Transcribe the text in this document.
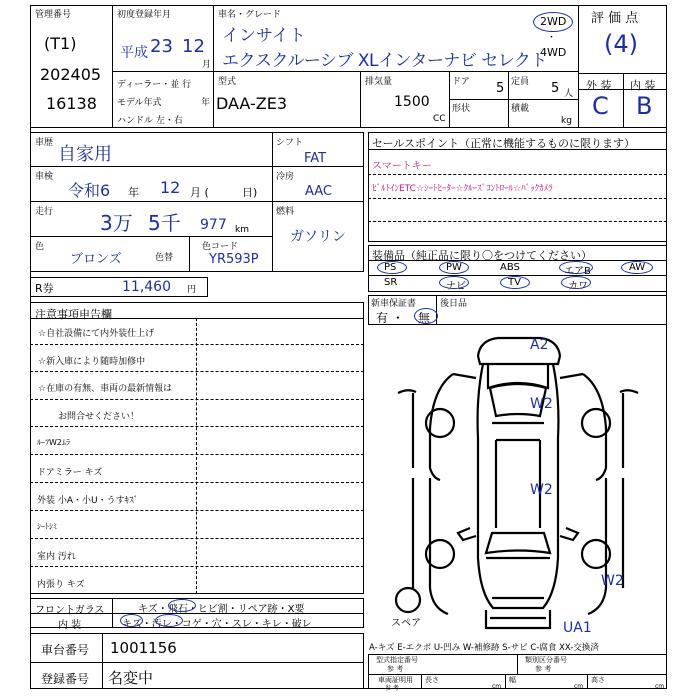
管理番号
(T1)
202405
16138
初度登録年月
平成 23 12
月
ディーラー・並 行
モデル年式	年
ハンドル 左・右
車名・グレード
インサイト
エクスクルーシブ XLインターナビ セレクト
2WD
・
4WD
型式
DAA-ZE3
排気量
1500
CC
ドア 5 定員 5 人
形状	積載
kg
評 価 点
(4)
外 装 内 装
C B
車歴
自家用
車検
令和6 年 12 月 (	日)
走行 3万 5千 977 km
色
ブロンズ	色替
色コード
YR593P
シフト
FAT
冷房
AAC
燃料
ガソリン
R券	11,460 円
セールスポイント（正常に機能するものに限ります）
スマートキー
ﾋﾞﾙﾄｲﾝETC☆ｼｰﾄﾋｰﾀｰ☆ｸﾙｰｽﾞｺﾝﾄﾛｰﾙ☆ﾊﾞｯｸｶﾒﾗ
装備品（純正品に限り〇をつけてください）
PS	PW	ABS	エアB	AW
SR	ナビ	TV	カワ
新車保証書
有 ・ 無
後日品
注意事項申告欄
☆自社設備にて内外装仕上げ
☆新入庫により随時加修中
☆在庫の有無、車両の最新情報は
お問合せください！
ﾙｰﾌW2ﾑﾗ
ドアミラー キズ
外装 小A・小U・うすｷｽﾞ
ｼｰﾄｼﾐ
室内 汚れ
内張り キズ
フロントガラス	キズ・飛石・ヒビ割・リペア跡・X要
内 装	キズ・汚レ・コゲ・穴・スレ・キレ・破レ
車台番号 1001156
登録番号 名変中
A2
W2
W2
W2
UA1
スペア
A-キズ E-エクボ U-凹み W-補修跡 S-サビ C-腐食 XX-交換済
型式指定番号
参 考
類別区分番号
参 考
車両証明用
参 考
長さ
cm
幅
cm
高さ
cm
